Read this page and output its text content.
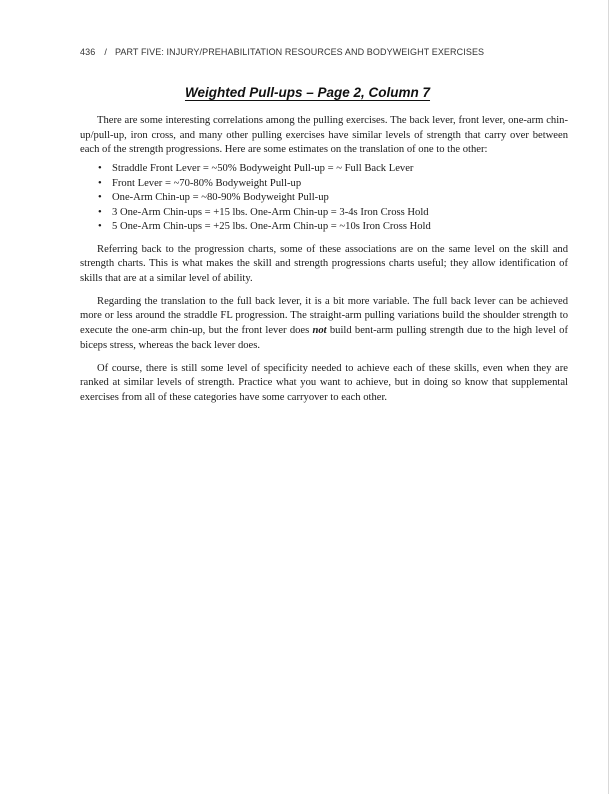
436 / PART FIVE: INJURY/PREHABILITATION RESOURCES AND BODYWEIGHT EXERCISES
Weighted Pull-ups – Page 2, Column 7

There are some interesting correlations among the pulling exercises. The back lever, front lever, one-arm chin-up/pull-up, iron cross, and many other pulling exercises have similar levels of strength that carry over between each of the strength progressions. Here are some estimates on the translation of one to the other:

• Straddle Front Lever = ~50% Bodyweight Pull-up = ~ Full Back Lever
• Front Lever = ~70-80% Bodyweight Pull-up
• One-Arm Chin-up = ~80-90% Bodyweight Pull-up
• 3 One-Arm Chin-ups = +15 lbs. One-Arm Chin-up = 3-4s Iron Cross Hold
• 5 One-Arm Chin-ups = +25 lbs. One-Arm Chin-up = ~10s Iron Cross Hold

Referring back to the progression charts, some of these associations are on the same level on the skill and strength charts. This is what makes the skill and strength progressions charts useful; they allow identification of skills that are at a similar level of ability.

Regarding the translation to the full back lever, it is a bit more variable. The full back lever can be achieved more or less around the straddle FL progression. The straight-arm pulling variations build the shoulder strength to execute the one-arm chin-up, but the front lever does not build bent-arm pulling strength due to the high level of biceps stress, whereas the back lever does.

Of course, there is still some level of specificity needed to achieve each of these skills, even when they are ranked at similar levels of strength. Practice what you want to achieve, but in doing so know that supplemental exercises from all of these categories have some carryover to each other.
